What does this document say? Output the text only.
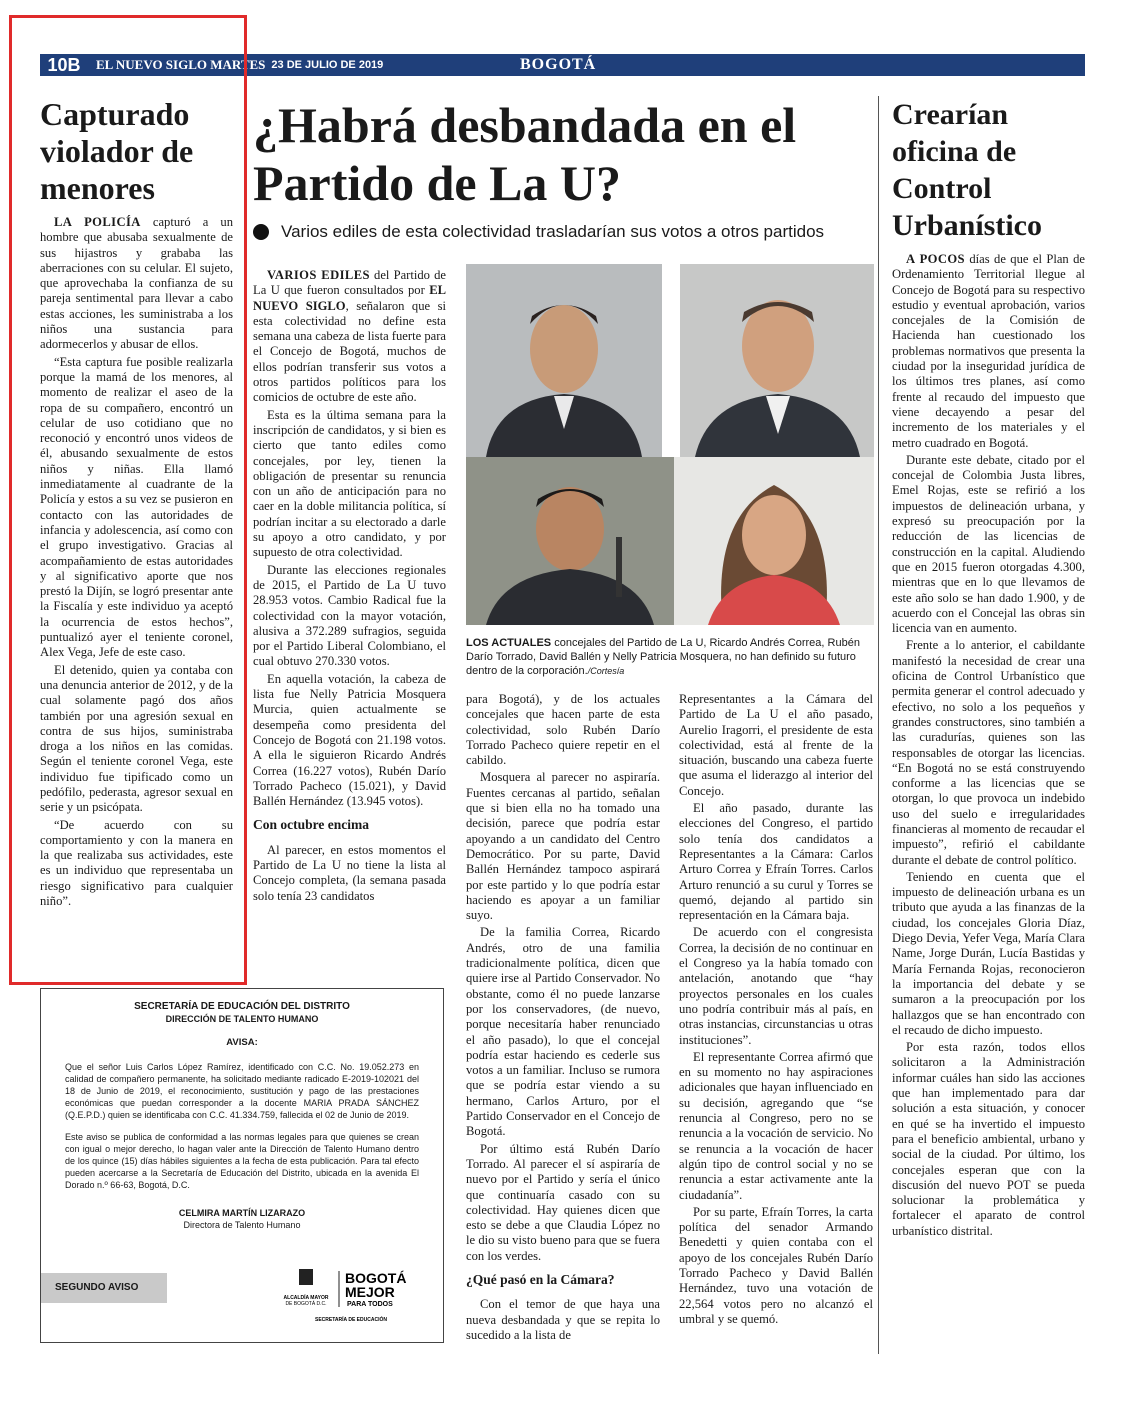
10B	EL NUEVO SIGLO MARTES 23 DE JULIO DE 2019	BOGOTÁ
Capturado violador de menores

LA POLICÍA capturó a un hombre que abusaba sexualmente de sus hijastros y grababa las aberraciones con su celular. El sujeto, que aprovechaba la confianza de su pareja sentimental para llevar a cabo estas acciones, les suministraba a los niños una sustancia para adormecerlos y abusar de ellos.

“Esta captura fue posible realizarla porque la mamá de los menores, al momento de realizar el aseo de la ropa de su compañero, encontró un celular de uso cotidiano que no reconoció y encontró unos videos de él, abusando sexualmente de estos niños y niñas. Ella llamó inmediatamente al cuadrante de la Policía y estos a su vez se pusieron en contacto con las autoridades de infancia y adolescencia, así como con el grupo investigativo. Gracias al acompañamiento de estas autoridades y al significativo aporte que nos prestó la Dijín, se logró presentar ante la Fiscalía y este individuo ya aceptó la ocurrencia de estos hechos”, puntualizó ayer el teniente coronel, Alex Vega, Jefe de este caso.

El detenido, quien ya contaba con una denuncia anterior de 2012, y de la cual solamente pagó dos años también por una agresión sexual en contra de sus hijos, suministraba droga a los niños en las comidas. Según el teniente coronel Vega, este individuo fue tipificado como un pedófilo, pederasta, agresor sexual en serie y un psicópata.

“De acuerdo con su comportamiento y con la manera en la que realizaba sus actividades, este es un individuo que representaba un riesgo significativo para cualquier niño”.

¿Habrá desbandada en el Partido de La U?
Varios ediles de esta colectividad trasladarían sus votos a otros partidos

VARIOS EDILES del Partido de La U que fueron consultados por EL NUEVO SIGLO, señalaron que si esta colectividad no define esta semana una cabeza de lista fuerte para el Concejo de Bogotá, muchos de ellos podrían transferir sus votos a otros partidos políticos para los comicios de octubre de este año.

Esta es la última semana para la inscripción de candidatos, y si bien es cierto que tanto ediles como concejales, por ley, tienen la obligación de presentar su renuncia con un año de anticipación para no caer en la doble militancia política, sí podrían incitar a su electorado a darle su apoyo a otro candidato, y por supuesto de otra colectividad.

Durante las elecciones regionales de 2015, el Partido de La U tuvo 28.953 votos. Cambio Radical fue la colectividad con la mayor votación, alusiva a 372.289 sufragios, seguida por el Partido Liberal Colombiano, el cual obtuvo 270.330 votos.

En aquella votación, la cabeza de lista fue Nelly Patricia Mosquera Murcia, quien actualmente se desempeña como presidenta del Concejo de Bogotá con 21.198 votos. A ella le siguieron Ricardo Andrés Correa (16.227 votos), Rubén Darío Torrado Pacheco (15.021), y David Ballén Hernández (13.945 votos).

Con octubre encima

Al parecer, en estos momentos el Partido de La U no tiene la lista al Concejo completa, (la semana pasada solo tenía 23 candidatos

LOS ACTUALES concejales del Partido de La U, Ricardo Andrés Correa, Rubén Darío Torrado, David Ballén y Nelly Patricia Mosquera, no han definido su futuro dentro de la corporación./Cortesía

para Bogotá), y de los actuales concejales que hacen parte de esta colectividad, solo Rubén Darío Torrado Pacheco quiere repetir en el cabildo.

Mosquera al parecer no aspiraría. Fuentes cercanas al partido, señalan que si bien ella no ha tomado una decisión, parece que podría estar apoyando a un candidato del Centro Democrático. Por su parte, David Ballén Hernández tampoco aspirará por este partido y lo que podría estar haciendo es apoyar a un familiar suyo.

De la familia Correa, Ricardo Andrés, otro de una familia tradicionalmente política, dicen que quiere irse al Partido Conservador. No obstante, como él no puede lanzarse por los conservadores, (de nuevo, porque necesitaría haber renunciado el año pasado), lo que el concejal podría estar haciendo es cederle sus votos a un familiar. Incluso se rumora que se podría estar viendo a su hermano, Carlos Arturo, por el Partido Conservador en el Concejo de Bogotá.

Por último está Rubén Darío Torrado. Al parecer el sí aspiraría de nuevo por el Partido y sería el único que continuaría casado con su colectividad. Hay quienes dicen que esto se debe a que Claudia López no le dio su visto bueno para que se fuera con los verdes.

¿Qué pasó en la Cámara?

Con el temor de que haya una nueva desbandada y que se repita lo sucedido a la lista de

Representantes a la Cámara del Partido de La U el año pasado, Aurelio Iragorri, el presidente de esta colectividad, está al frente de la situación, buscando una cabeza fuerte que asuma el liderazgo al interior del Concejo.

El año pasado, durante las elecciones del Congreso, el partido solo tenía dos candidatos a Representantes a la Cámara: Carlos Arturo Correa y Efraín Torres. Carlos Arturo renunció a su curul y Torres se quemó, dejando al partido sin representación en la Cámara baja.

De acuerdo con el congresista Correa, la decisión de no continuar en el Congreso ya la había tomado con antelación, anotando que “hay proyectos personales en los cuales uno podría contribuir más al país, en otras instancias, circunstancias u otras instituciones”.

El representante Correa afirmó que en su momento no hay aspiraciones adicionales que hayan influenciado en su decisión, agregando que “se renuncia al Congreso, pero no se renuncia a la vocación de servicio. No se renuncia a la vocación de hacer algún tipo de control social y no se renuncia a estar activamente ante la ciudadanía”.

Por su parte, Efraín Torres, la carta política del senador Armando Benedetti y quien contaba con el apoyo de los concejales Rubén Darío Torrado Pacheco y David Ballén Hernández, tuvo una votación de 22,564 votos pero no alcanzó el umbral y se quemó.

Crearían oficina de Control Urbanístico

A POCOS días de que el Plan de Ordenamiento Territorial llegue al Concejo de Bogotá para su respectivo estudio y eventual aprobación, varios concejales de la Comisión de Hacienda han cuestionado los problemas normativos que presenta la ciudad por la inseguridad jurídica de los últimos tres planes, así como frente al recaudo del impuesto que viene decayendo a pesar del incremento de los materiales y el metro cuadrado en Bogotá.

Durante este debate, citado por el concejal de Colombia Justa libres, Emel Rojas, este se refirió a los impuestos de delineación urbana, y expresó su preocupación por la reducción de las licencias de construcción en la capital. Aludiendo que en 2015 fueron otorgadas 4.300, mientras que en lo que llevamos de este año solo se han dado 1.900, y de acuerdo con el Concejal las obras sin licencia van en aumento.

Frente a lo anterior, el cabildante manifestó la necesidad de crear una oficina de Control Urbanístico que permita generar el control adecuado y efectivo, no solo a los pequeños y grandes constructores, sino también a las curadurías, quienes son las responsables de otorgar las licencias. “En Bogotá no se está construyendo conforme a las licencias que se otorgan, lo que provoca un indebido uso del suelo e irregularidades financieras al momento de recaudar el impuesto”, refirió el cabildante durante el debate de control político.

Teniendo en cuenta que el impuesto de delineación urbana es un tributo que ayuda a las finanzas de la ciudad, los concejales Gloria Díaz, Diego Devia, Yefer Vega, María Clara Name, Jorge Durán, Lucía Bastidas y María Fernanda Rojas, reconocieron la importancia del debate y se sumaron a la preocupación por los hallazgos que se han encontrado con el recaudo de dicho impuesto.

Por esta razón, todos ellos solicitaron a la Administración informar cuáles han sido las acciones que han implementado para dar solución a esta situación, y conocer en qué se ha invertido el impuesto para el beneficio ambiental, urbano y social de la ciudad. Por último, los concejales esperan que con la discusión del nuevo POT se pueda solucionar la problemática y fortalecer el aparato de control urbanístico distrital.

SECRETARÍA DE EDUCACIÓN DEL DISTRITO
DIRECCIÓN DE TALENTO HUMANO
AVISA:
Que el señor Luis Carlos López Ramírez, identificado con C.C. No. 19.052.273 en calidad de compañero permanente, ha solicitado mediante radicado E-2019-102021 del 18 de Junio de 2019, el reconocimiento, sustitución y pago de las prestaciones económicas que puedan corresponder a la docente MARIA PRADA SÁNCHEZ (Q.E.P.D.) quien se identificaba con C.C. 41.334.759, fallecida el 02 de Junio de 2019.
Este aviso se publica de conformidad a las normas legales para que quienes se crean con igual o mejor derecho, lo hagan valer ante la Dirección de Talento Humano dentro de los quince (15) días hábiles siguientes a la fecha de esta publicación. Para tal efecto pueden acercarse a la Secretaría de Educación del Distrito, ubicada en la avenida El Dorado n.º 66-63, Bogotá, D.C.
CELMIRA MARTÍN LIZARAZO
Directora de Talento Humano
SEGUNDO AVISO
ALCALDÍA MAYOR
DE BOGOTÁ D.C.
BOGOTÁ
MEJOR
PARA TODOS
SECRETARÍA DE EDUCACIÓN
